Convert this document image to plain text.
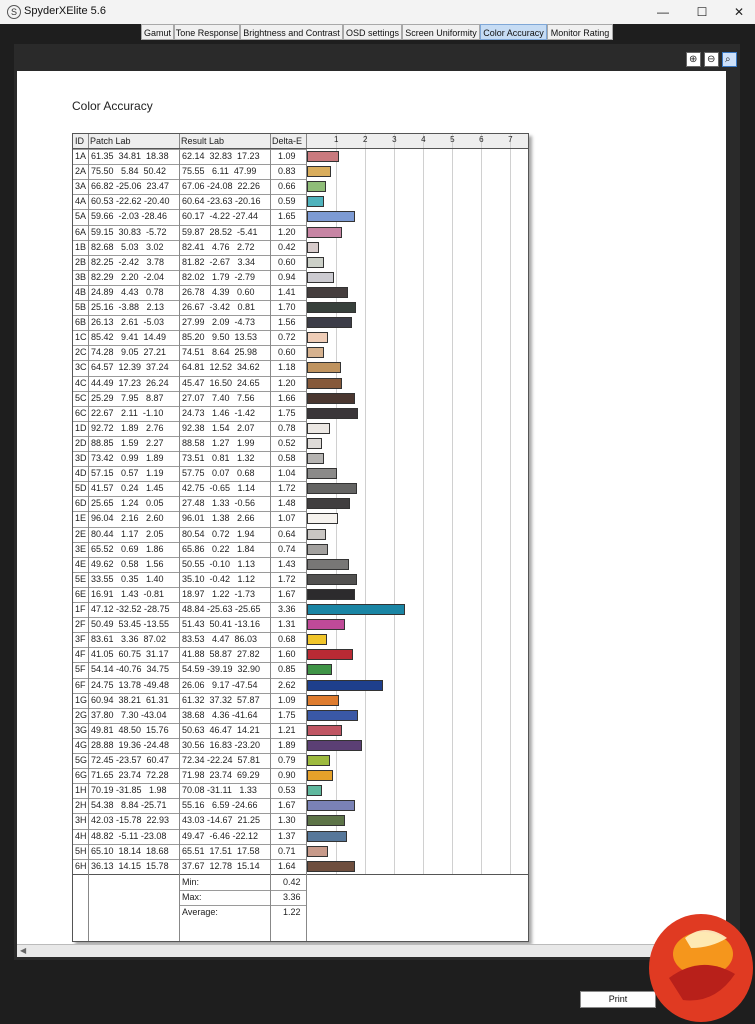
S SpyderXElite 5.6	—	☐	✕
Gamut Tone Response Brightness and Contrast OSD settings Screen Uniformity Color Accuracy Monitor Rating
⊕ ⊖ ⌕
Color Accuracy
ID Patch Lab	Result Lab	Delta-E	1	2	3	4	5	6	7
1A 61.35  34.81  18.38 62.14  32.83  17.23 1.09
2A 75.50   5.84  50.42 75.55   6.11  47.99 0.83
3A 66.82 -25.06  23.47 67.06 -24.08  22.26 0.66
4A 60.53 -22.62 -20.40 60.64 -23.63 -20.16 0.59
5A 59.66  -2.03 -28.46 60.17  -4.22 -27.44 1.65
6A 59.15  30.83  -5.72 59.87  28.52  -5.41 1.20
1B 82.68   5.03   3.02 82.41   4.76   2.72	0.42
2B 82.25  -2.42   3.78 81.82  -2.67   3.34	0.60
3B 82.29   2.20  -2.04 82.02   1.79  -2.79	0.94
4B 24.89   4.43   0.78 26.78   4.39   0.60	1.41
5B 25.16  -3.88   2.13 26.67  -3.42   0.81	1.70
6B 26.13   2.61  -5.03 27.99   2.09  -4.73	1.56
1C 85.42   9.41  14.49 85.20   9.50  13.53 0.72
2C 74.28   9.05  27.21 74.51   8.64  25.98 0.60
3C 64.57  12.39  37.24 64.81  12.52  34.62 1.18
4C 44.49  17.23  26.24 45.47  16.50  24.65 1.20
5C 25.29   7.95   8.87 27.07   7.40   7.56	1.66
6C 22.67   2.11  -1.10 24.73   1.46  -1.42	1.75
1D 92.72   1.89   2.76 92.38   1.54   2.07	0.78
2D 88.85   1.59   2.27 88.58   1.27   1.99	0.52
3D 73.42   0.99   1.89 73.51   0.81   1.32	0.58
4D 57.15   0.57   1.19 57.75   0.07   0.68	1.04
5D 41.57   0.24   1.45 42.75  -0.65   1.14	1.72
6D 25.65   1.24   0.05 27.48   1.33  -0.56	1.48
1E 96.04   2.16   2.60 96.01   1.38   2.66	1.07
2E 80.44   1.17   2.05 80.54   0.72   1.94	0.64
3E 65.52   0.69   1.86 65.86   0.22   1.84	0.74
4E 49.62   0.58   1.56 50.55  -0.10   1.13	1.43
5E 33.55   0.35   1.40 35.10  -0.42   1.12	1.72
6E 16.91   1.43  -0.81 18.97   1.22  -1.73	1.67
1F 47.12 -32.52 -28.75 48.84 -25.63 -25.65 3.36
2F 50.49  53.45 -13.55 51.43  50.41 -13.16 1.31
3F 83.61   3.36  87.02 83.53   4.47  86.03 0.68
4F 41.05  60.75  31.17 41.88  58.87  27.82 1.60
5F 54.14 -40.76  34.75 54.59 -39.19  32.90 0.85
6F 24.75  13.78 -49.48 26.06   9.17 -47.54 2.62
1G 60.94  38.21  61.31 61.32  37.32  57.87 1.09
2G 37.80   7.30 -43.04 38.68   4.36 -41.64 1.75
3G 49.81  48.50  15.76 50.63  46.47  14.21 1.21
4G 28.88  19.36 -24.48 30.56  16.83 -23.20 1.89
5G 72.45 -23.57  60.47 72.34 -22.24  57.81 0.79
6G 71.65  23.74  72.28 71.98  23.74  69.29 0.90
1H 70.19 -31.85   1.98 70.08 -31.11   1.33 0.53
2H 54.38   8.84 -25.71 55.16   6.59 -24.66 1.67
3H 42.03 -15.78  22.93 43.03 -14.67  21.25 1.30
4H 48.82  -5.11 -23.08 49.47  -6.46 -22.12 1.37
5H 65.10  18.14  18.68 65.51  17.51  17.58 0.71
6H 36.13  14.15  15.78 37.67  12.78  15.14 1.64
Min:	0.42
Max:	3.36
Average:	1.22
◀
Print
